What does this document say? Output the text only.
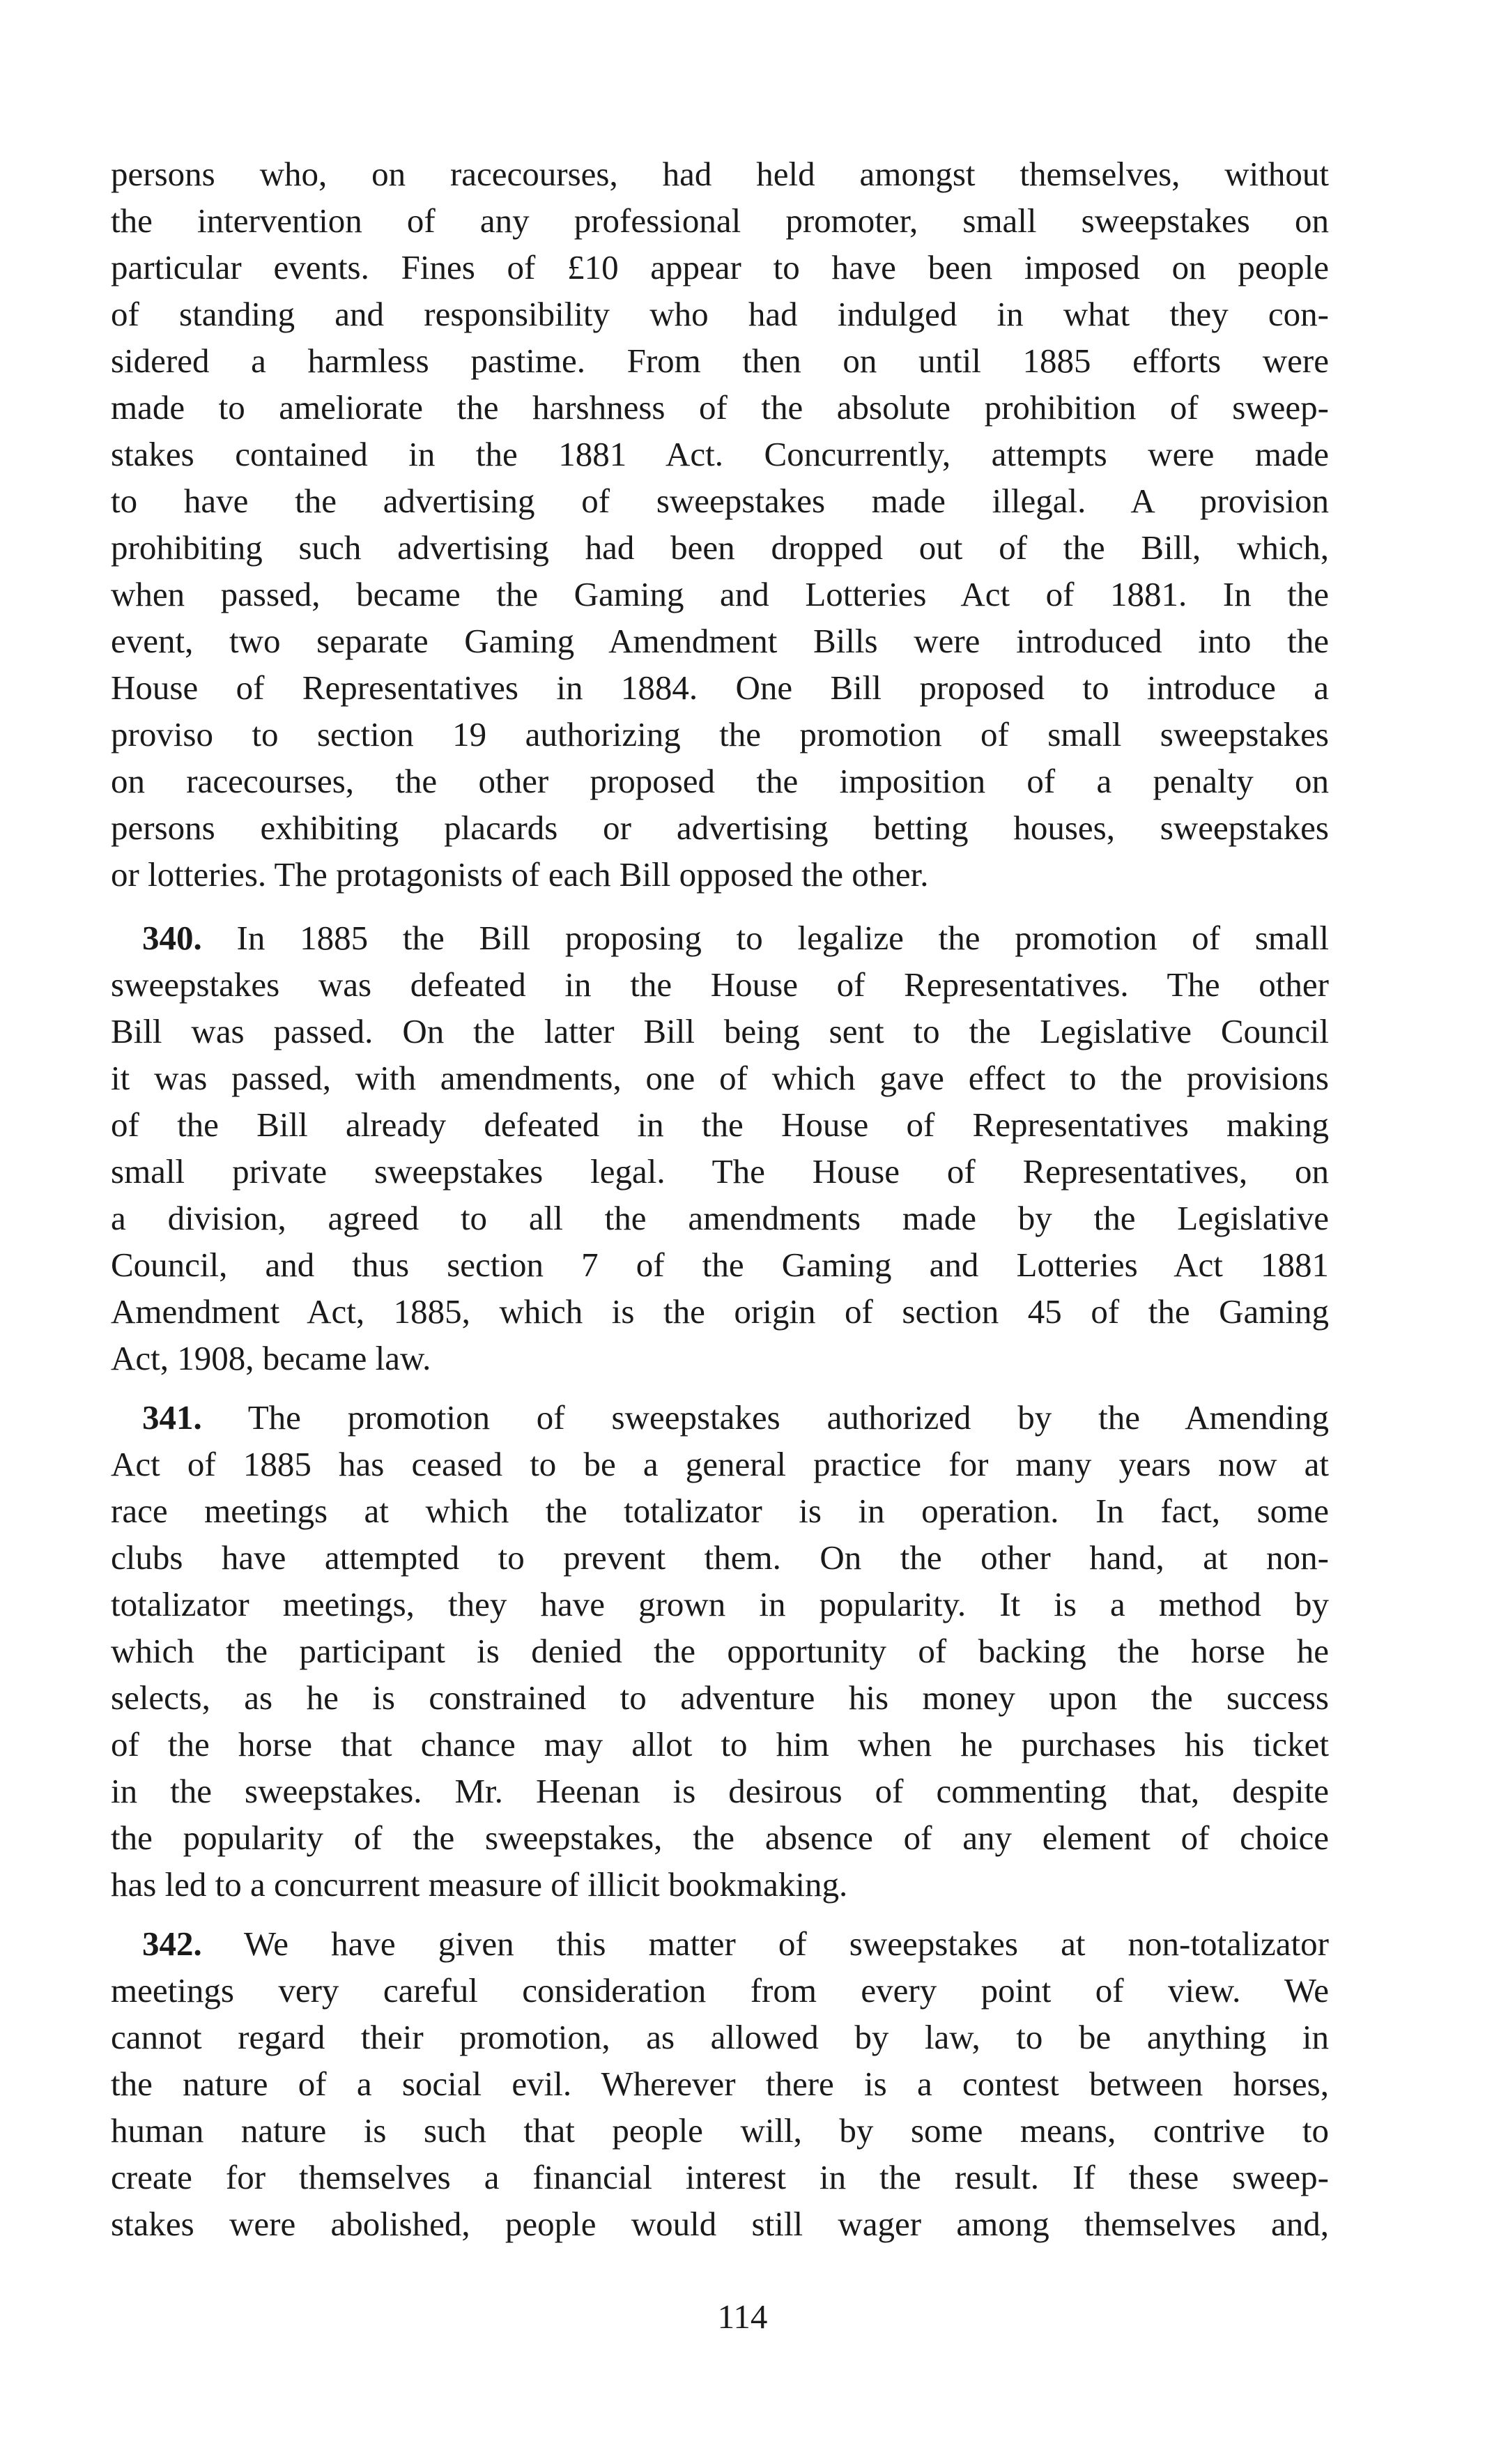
persons who, on racecourses, had held amongst themselves, without
the intervention of any professional promoter, small sweepstakes on
particular events. Fines of £10 appear to have been imposed on people
of standing and responsibility who had indulged in what they con-
sidered a harmless pastime. From then on until 1885 efforts were
made to ameliorate the harshness of the absolute prohibition of sweep-
stakes contained in the 1881 Act. Concurrently, attempts were made
to have the advertising of sweepstakes made illegal. A provision
prohibiting such advertising had been dropped out of the Bill, which,
when passed, became the Gaming and Lotteries Act of 1881. In the
event, two separate Gaming Amendment Bills were introduced into the
House of Representatives in 1884. One Bill proposed to introduce a
proviso to section 19 authorizing the promotion of small sweepstakes
on racecourses, the other proposed the imposition of a penalty on
persons exhibiting placards or advertising betting houses, sweepstakes
or lotteries. The protagonists of each Bill opposed the other.
340. In 1885 the Bill proposing to legalize the promotion of small
sweepstakes was defeated in the House of Representatives. The other
Bill was passed. On the latter Bill being sent to the Legislative Council
it was passed, with amendments, one of which gave effect to the provisions
of the Bill already defeated in the House of Representatives making
small private sweepstakes legal. The House of Representatives, on
a division, agreed to all the amendments made by the Legislative
Council, and thus section 7 of the Gaming and Lotteries Act 1881
Amendment Act, 1885, which is the origin of section 45 of the Gaming
Act, 1908, became law.
341. The promotion of sweepstakes authorized by the Amending
Act of 1885 has ceased to be a general practice for many years now at
race meetings at which the totalizator is in operation. In fact, some
clubs have attempted to prevent them. On the other hand, at non-
totalizator meetings, they have grown in popularity. It is a method by
which the participant is denied the opportunity of backing the horse he
selects, as he is constrained to adventure his money upon the success
of the horse that chance may allot to him when he purchases his ticket
in the sweepstakes. Mr. Heenan is desirous of commenting that, despite
the popularity of the sweepstakes, the absence of any element of choice
has led to a concurrent measure of illicit bookmaking.
342. We have given this matter of sweepstakes at non-totalizator
meetings very careful consideration from every point of view. We
cannot regard their promotion, as allowed by law, to be anything in
the nature of a social evil. Wherever there is a contest between horses,
human nature is such that people will, by some means, contrive to
create for themselves a financial interest in the result. If these sweep-
stakes were abolished, people would still wager among themselves and,
114
